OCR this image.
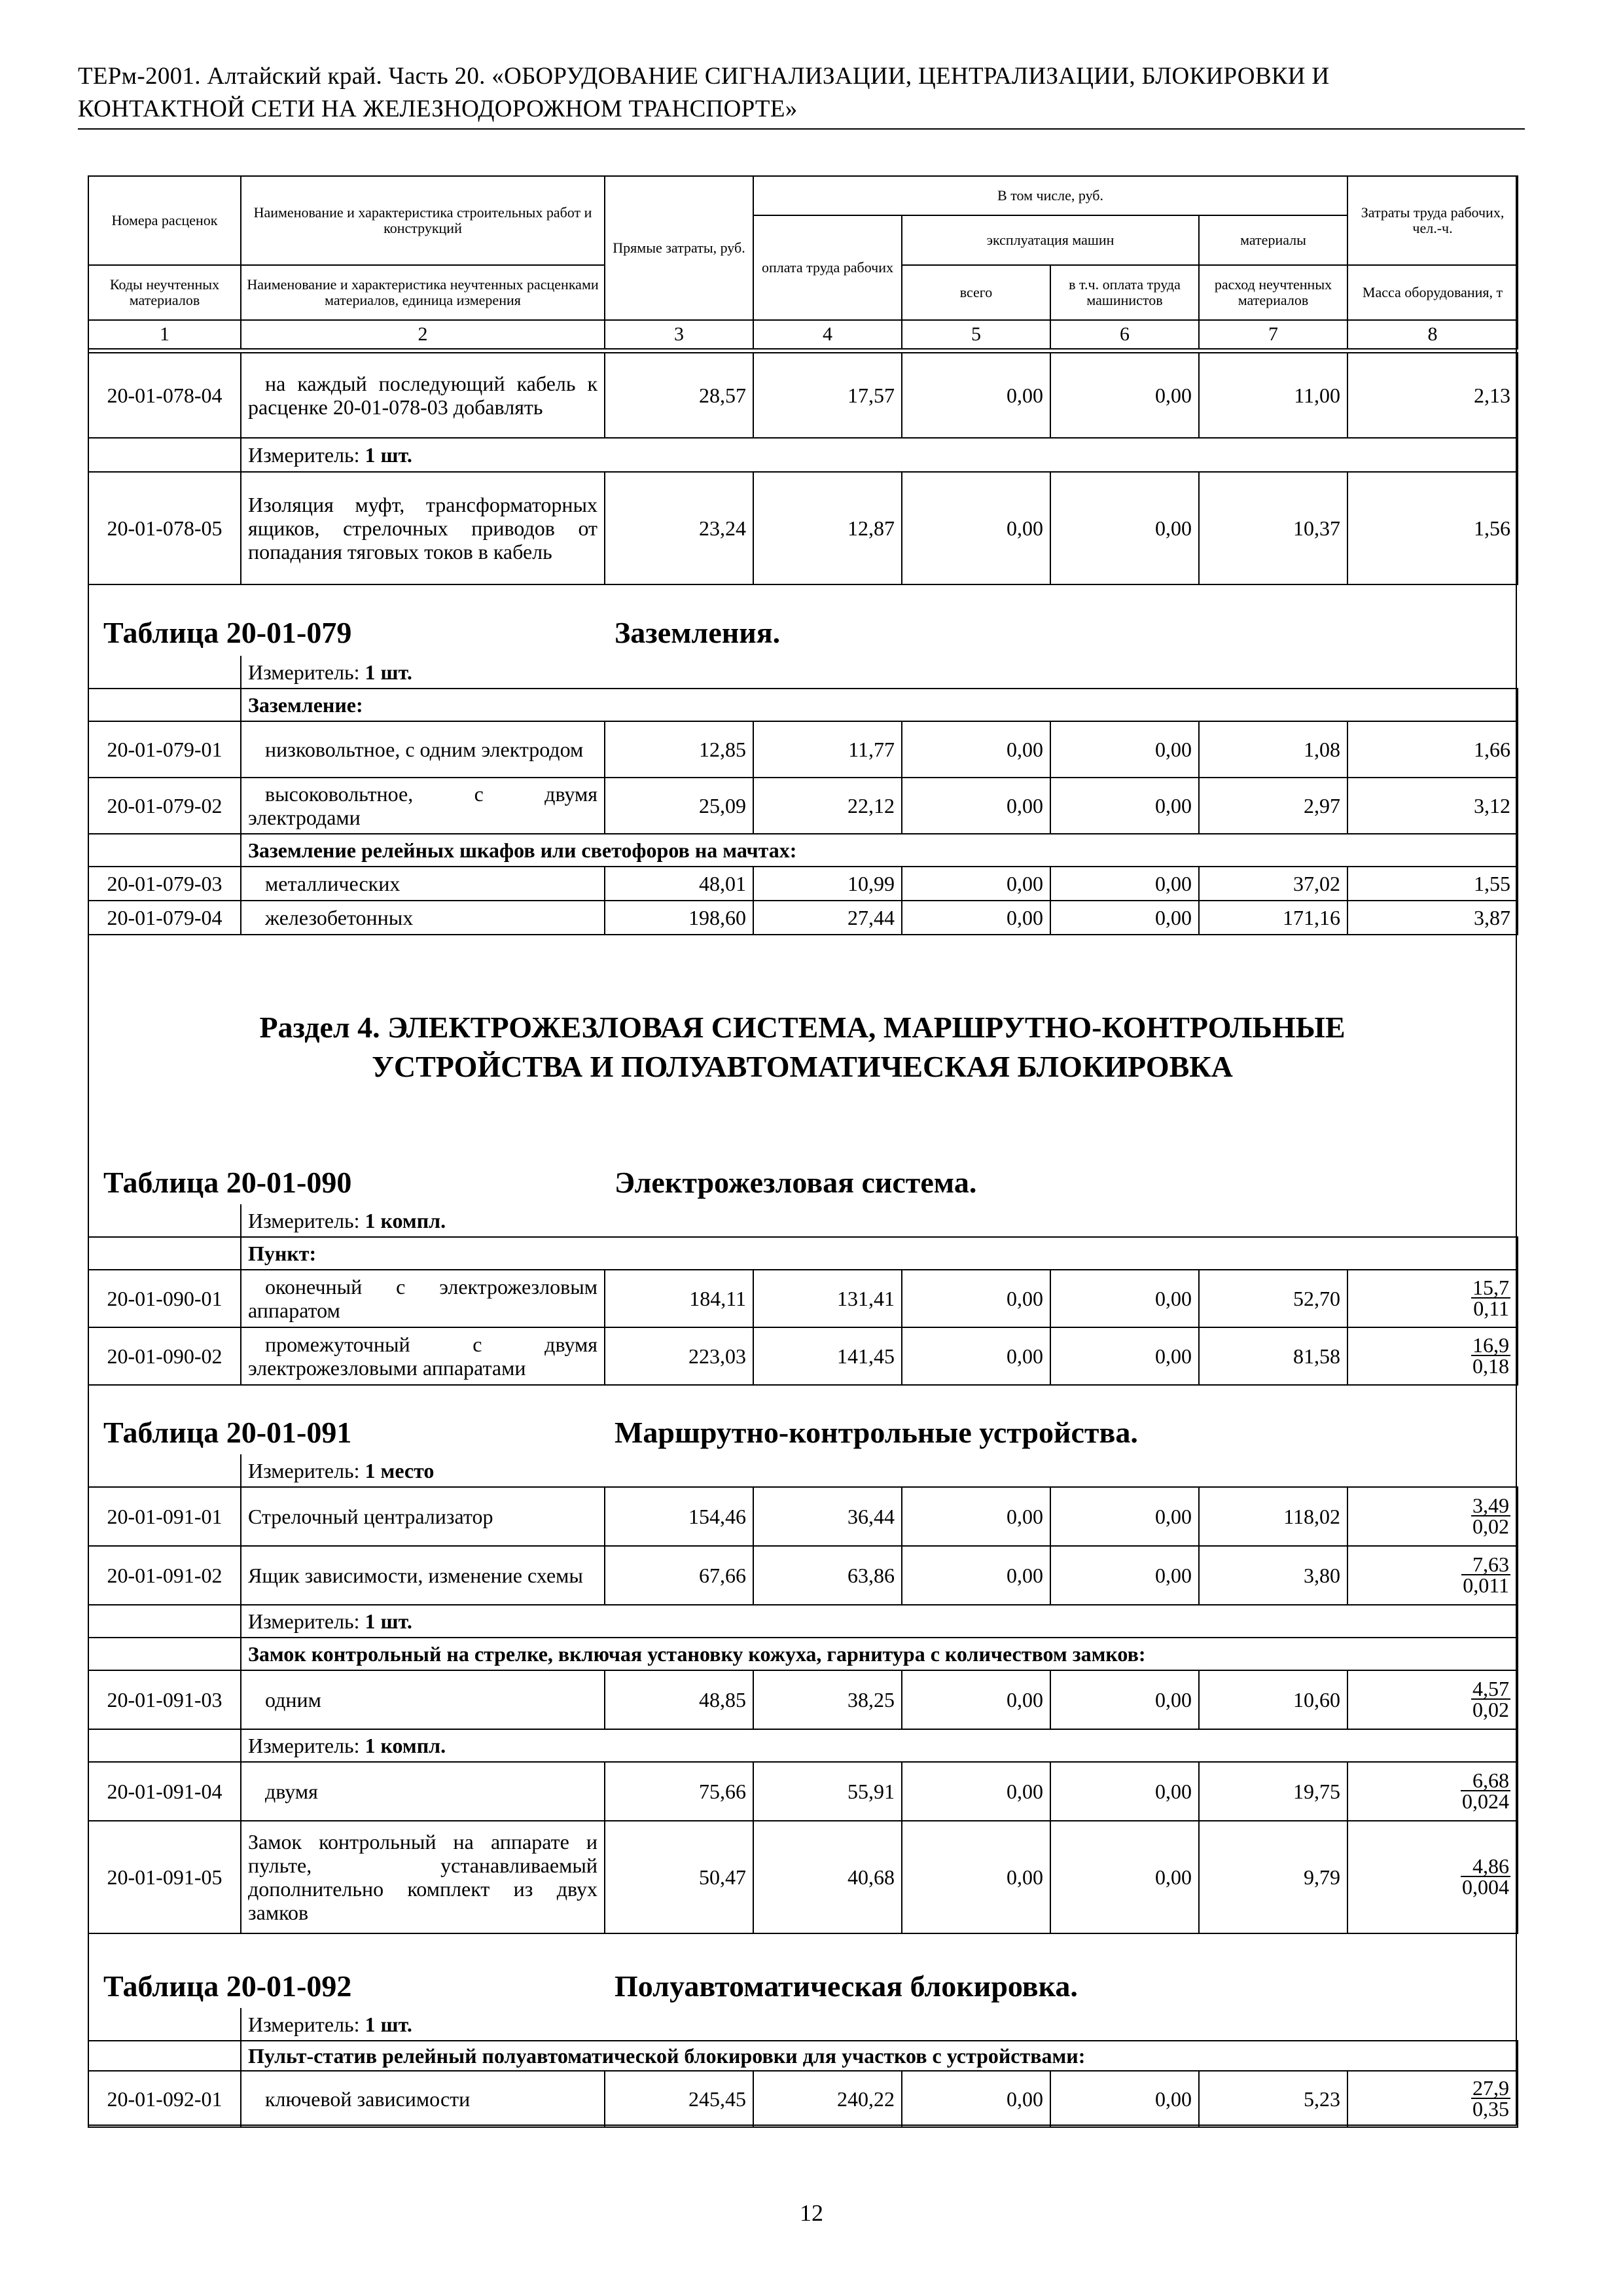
ТЕРм-2001. Алтайский край. Часть 20. «ОБОРУДОВАНИЕ СИГНАЛИЗАЦИИ, ЦЕНТРАЛИЗАЦИИ, БЛОКИРОВКИ И
КОНТАКТНОЙ СЕТИ НА ЖЕЛЕЗНОДОРОЖНОМ ТРАНСПОРТЕ»
Номера расценок	Наименование и характеристика строительных работ и конструкций	Прямые затраты, руб.	В том числе, руб.				Затраты труда рабочих, чел.-ч.
			оплата труда рабочих	эксплуатация машин		материалы	
Коды неучтенных материалов	Наименование и характеристика неучтенных расценками материалов, единица измерения			всего	в т.ч. оплата труда машинистов	расход неучтенных материалов	Масса оборудования, т
1	2	3	4	5	6	7	8
20-01-078-04	на каждый последующий кабель к расценке 20-01-078-03 добавлять	28,57	17,57	0,00	0,00	11,00	2,13
	Измеритель: 1 шт.						
20-01-078-05	Изоляция муфт, трансформаторных ящиков, стрелочных приводов от попадания тяговых токов в кабель	23,24	12,87	0,00	0,00	10,37	1,56
Таблица 20-01-079	Заземления.
	Измеритель: 1 шт.						
	Заземление:						
20-01-079-01	низковольтное, с одним электродом	12,85	11,77	0,00	0,00	1,08	1,66
20-01-079-02	высоковольтное, с двумя электродами	25,09	22,12	0,00	0,00	2,97	3,12
	Заземление релейных шкафов или светофоров на мачтах:						
20-01-079-03	металлических	48,01	10,99	0,00	0,00	37,02	1,55
20-01-079-04	железобетонных	198,60	27,44	0,00	0,00	171,16	3,87
Раздел 4. ЭЛЕКТРОЖЕЗЛОВАЯ СИСТЕМА, МАРШРУТНО-КОНТРОЛЬНЫЕ
УСТРОЙСТВА И ПОЛУАВТОМАТИЧЕСКАЯ БЛОКИРОВКА
Таблица 20-01-090	Электрожезловая система.
	Измеритель: 1 компл.						
	Пункт:						
20-01-090-01	оконечный с электрожезловым аппаратом	184,11	131,41	0,00	0,00	52,70	$\frac{15,7}{0,11}$

20-01-090-02	промежуточный с двумя электрожезловыми аппаратами	223,03	141,45	0,00	0,00	81,58	$\frac{16,9}{0,18}$
Таблица 20-01-091	Маршрутно-контрольные устройства.
	Измеритель: 1 место						
20-01-091-01	Стрелочный централизатор	154,46	36,44	0,00	0,00	118,02	$\frac{3,49}{0,02}$

20-01-091-02	Ящик зависимости, изменение схемы	67,66	63,86	0,00	0,00	3,80	$\frac{7,63}{0,011}$

	Измеритель: 1 шт.						
	Замок контрольный на стрелке, включая установку кожуха, гарнитура с количеством замков:						
20-01-091-03	одним	48,85	38,25	0,00	0,00	10,60	$\frac{4,57}{0,02}$

	Измеритель: 1 компл.						
20-01-091-04	двумя	75,66	55,91	0,00	0,00	19,75	$\frac{6,68}{0,024}$

20-01-091-05	Замок контрольный на аппарате и пульте, устанавливаемый дополнительно комплект из двух замков	50,47	40,68	0,00	0,00	9,79	$\frac{4,86}{0,004}$
Таблица 20-01-092	Полуавтоматическая блокировка.
	Измеритель: 1 шт.						
	Пульт-статив релейный полуавтоматической блокировки для участков с устройствами:						
20-01-092-01	ключевой зависимости	245,45	240,22	0,00	0,00	5,23	$\frac{27,9}{0,35}$
12
